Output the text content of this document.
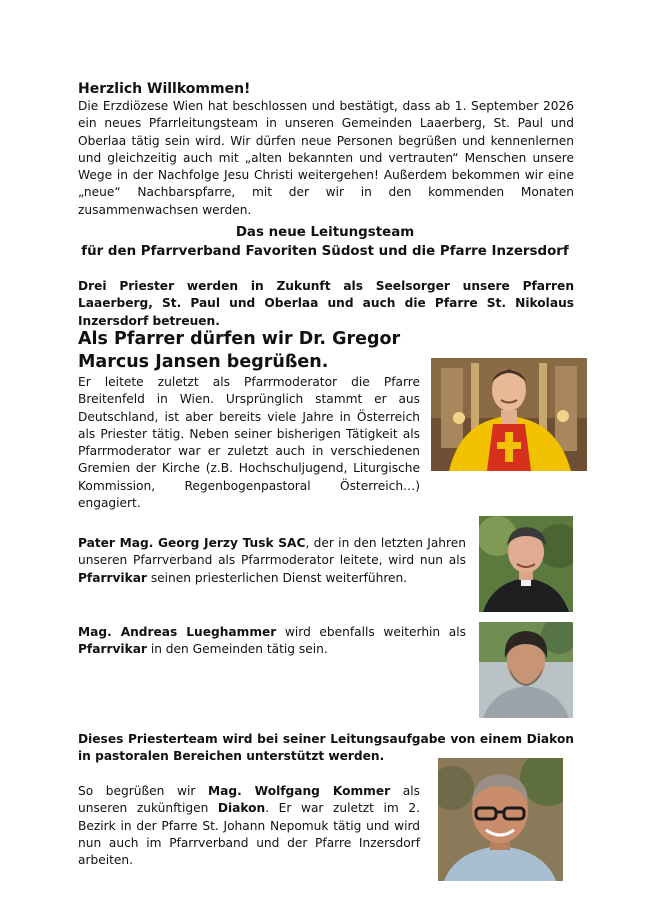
Herzlich Willkommen!

Die Erzdiözese Wien hat beschlossen und bestätigt, dass ab 1. September 2026 ein neues Pfarrleitungsteam in unseren Gemeinden Laaerberg, St. Paul und Oberlaa tätig sein wird. Wir dürfen neue Personen begrüßen und kennenlernen und gleichzeitig auch mit „alten bekannten und vertrauten“ Menschen unsere Wege in der Nachfolge Jesu Christi weitergehen! Außerdem bekommen wir eine „neue“ Nachbarspfarre, mit der wir in den kommenden Monaten zusammenwachsen werden.

Das neue Leitungsteam
für den Pfarrverband Favoriten Südost und die Pfarre Inzersdorf

Drei Priester werden in Zukunft als Seelsorger unsere Pfarren Laaerberg, St. Paul und Oberlaa und auch die Pfarre St. Nikolaus Inzersdorf betreuen.

Als Pfarrer dürfen wir Dr. Gregor Marcus Jansen begrüßen.

Er leitete zuletzt als Pfarrmoderator die Pfarre Breitenfeld in Wien. Ursprünglich stammt er aus Deutschland, ist aber bereits viele Jahre in Österreich als Priester tätig. Neben seiner bisherigen Tätigkeit als Pfarrmoderator war er zuletzt auch in verschiedenen Gremien der Kirche (z.B. Hochschuljugend, Liturgische Kommission, Regenbogenpastoral Österreich…) engagiert.

Pater Mag. Georg Jerzy Tusk SAC, der in den letzten Jahren unseren Pfarrverband als Pfarrmoderator leitete, wird nun als Pfarrvikar seinen priesterlichen Dienst weiterführen.

Mag. Andreas Lueghammer wird ebenfalls weiterhin als Pfarrvikar in den Gemeinden tätig sein.

Dieses Priesterteam wird bei seiner Leitungsaufgabe von einem Diakon in pastoralen Bereichen unterstützt werden.

So begrüßen wir Mag. Wolfgang Kommer als unseren zukünftigen Diakon. Er war zuletzt im 2. Bezirk in der Pfarre St. Johann Nepomuk tätig und wird nun auch im Pfarrverband und der Pfarre Inzersdorf arbeiten.
